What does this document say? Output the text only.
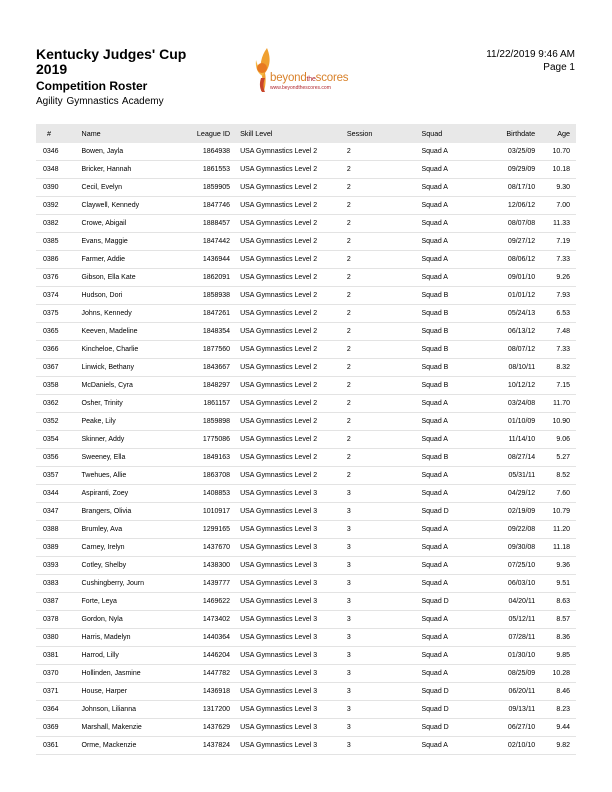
Kentucky Judges' Cup
2019
Competition Roster
Agility Gymnastics Academy
beyondthescores
www.beyondthescores.com
11/22/2019 9:46 AM
Page 1
#	Name	League ID	Skill Level	Session	Squad	Birthdate	Age
0346	Bowen, Jayla	1864938	USA Gymnastics Level 2	2	Squad A	03/25/09	10.70
0348	Bricker, Hannah	1861553	USA Gymnastics Level 2	2	Squad A	09/29/09	10.18
0390	Cecil, Evelyn	1859905	USA Gymnastics Level 2	2	Squad A	08/17/10	9.30
0392	Claywell, Kennedy	1847746	USA Gymnastics Level 2	2	Squad A	12/06/12	7.00
0382	Crowe, Abigail	1888457	USA Gymnastics Level 2	2	Squad A	08/07/08	11.33
0385	Evans, Maggie	1847442	USA Gymnastics Level 2	2	Squad A	09/27/12	7.19
0386	Farmer, Addie	1436944	USA Gymnastics Level 2	2	Squad A	08/06/12	7.33
0376	Gibson, Ella Kate	1862091	USA Gymnastics Level 2	2	Squad A	09/01/10	9.26
0374	Hudson, Dori	1858938	USA Gymnastics Level 2	2	Squad B	01/01/12	7.93
0375	Johns, Kennedy	1847261	USA Gymnastics Level 2	2	Squad B	05/24/13	6.53
0365	Keeven, Madeline	1848354	USA Gymnastics Level 2	2	Squad B	06/13/12	7.48
0366	Kincheloe, Charlie	1877560	USA Gymnastics Level 2	2	Squad B	08/07/12	7.33
0367	Linwick, Bethany	1843667	USA Gymnastics Level 2	2	Squad B	08/10/11	8.32
0358	McDaniels, Cyra	1848297	USA Gymnastics Level 2	2	Squad B	10/12/12	7.15
0362	Osher, Trinity	1861157	USA Gymnastics Level 2	2	Squad A	03/24/08	11.70
0352	Peake, Lily	1859898	USA Gymnastics Level 2	2	Squad A	01/10/09	10.90
0354	Skinner, Addy	1775086	USA Gymnastics Level 2	2	Squad A	11/14/10	9.06
0356	Sweeney, Ella	1849163	USA Gymnastics Level 2	2	Squad B	08/27/14	5.27
0357	Twehues, Allie	1863708	USA Gymnastics Level 2	2	Squad A	05/31/11	8.52
0344	Aspiranti, Zoey	1408853	USA Gymnastics Level 3	3	Squad A	04/29/12	7.60
0347	Brangers, Olivia	1010917	USA Gymnastics Level 3	3	Squad D	02/19/09	10.79
0388	Brumley, Ava	1299165	USA Gymnastics Level 3	3	Squad A	09/22/08	11.20
0389	Carney, Irelyn	1437670	USA Gymnastics Level 3	3	Squad A	09/30/08	11.18
0393	Cotley, Shelby	1438300	USA Gymnastics Level 3	3	Squad A	07/25/10	9.36
0383	Cushingberry, Journ	1439777	USA Gymnastics Level 3	3	Squad A	06/03/10	9.51
0387	Forte, Leya	1469622	USA Gymnastics Level 3	3	Squad D	04/20/11	8.63
0378	Gordon, Nyla	1473402	USA Gymnastics Level 3	3	Squad A	05/12/11	8.57
0380	Harris, Madelyn	1440364	USA Gymnastics Level 3	3	Squad A	07/28/11	8.36
0381	Harrod, Lilly	1446204	USA Gymnastics Level 3	3	Squad A	01/30/10	9.85
0370	Hollinden, Jasmine	1447782	USA Gymnastics Level 3	3	Squad A	08/25/09	10.28
0371	House, Harper	1436918	USA Gymnastics Level 3	3	Squad D	06/20/11	8.46
0364	Johnson, Lilianna	1317200	USA Gymnastics Level 3	3	Squad D	09/13/11	8.23
0369	Marshall, Makenzie	1437629	USA Gymnastics Level 3	3	Squad D	06/27/10	9.44
0361	Orme, Mackenzie	1437824	USA Gymnastics Level 3	3	Squad A	02/10/10	9.82
